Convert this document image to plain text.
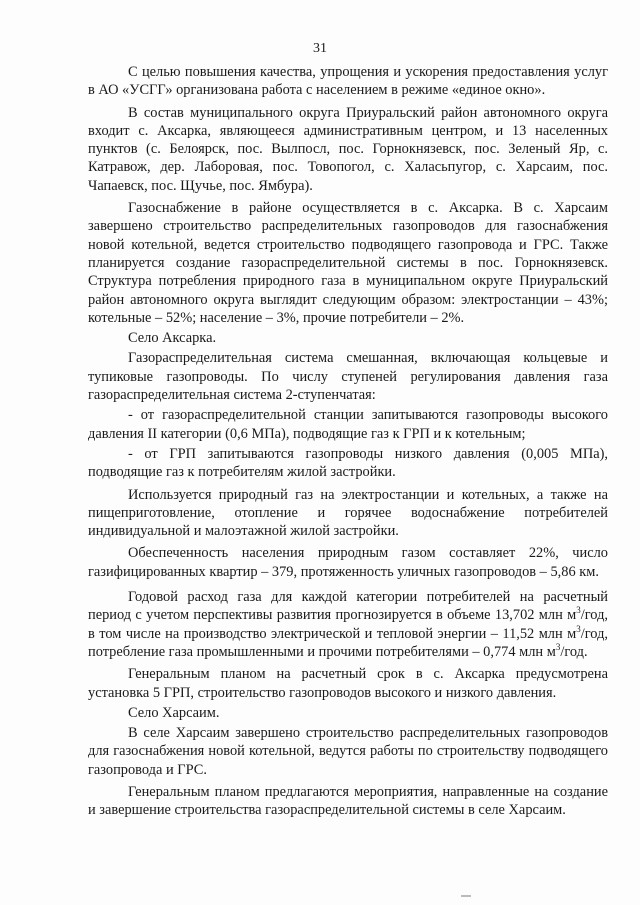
31

С целью повышения качества, упрощения и ускорения предоставления услуг в АО «УСГГ» организована работа с населением в режиме «единое окно».

В состав муниципального округа Приуральский район автономного округа входит с. Аксарка, являющееся административным центром, и 13 населенных пунктов (с. Белоярск, пос. Вылпосл, пос. Горнокнязевск, пос. Зеленый Яр, с. Катравож, дер. Лаборовая, пос. Товопогол, с. Халасьпугор, с. Харсаим, пос. Чапаевск, пос. Щучье, пос. Ямбура).

Газоснабжение в районе осуществляется в с. Аксарка. В с. Харсаим завершено строительство распределительных газопроводов для газоснабжения новой котельной, ведется строительство подводящего газопровода и ГРС. Также планируется создание газораспределительной системы в пос. Горнокнязевск. Структура потребления природного газа в муниципальном округе Приуральский район автономного округа выглядит следующим образом: электростанции – 43%; котельные – 52%; население – 3%, прочие потребители – 2%.

Село Аксарка.

Газораспределительная система смешанная, включающая кольцевые и тупиковые газопроводы. По числу ступеней регулирования давления газа газораспределительная система 2-ступенчатая:

- от газораспределительной станции запитываются газопроводы высокого давления II категории (0,6 МПа), подводящие газ к ГРП и к котельным;

- от ГРП запитываются газопроводы низкого давления (0,005 МПа), подводящие газ к потребителям жилой застройки.

Используется природный газ на электростанции и котельных, а также на пищеприготовление, отопление и горячее водоснабжение потребителей индивидуальной и малоэтажной жилой застройки.

Обеспеченность населения природным газом составляет 22%, число газифицированных квартир – 379, протяженность уличных газопроводов – 5,86 км.

Годовой расход газа для каждой категории потребителей на расчетный период с учетом перспективы развития прогнозируется в объеме 13,702 млн $м^3$/год, в том числе на производство электрической и тепловой энергии – 11,52 млн $м^3$/год, потребление газа промышленными и прочими потребителями – 0,774 млн $м^3$/год.

Генеральным планом на расчетный срок в с. Аксарка предусмотрена установка 5 ГРП, строительство газопроводов высокого и низкого давления.

Село Харсаим.

В селе Харсаим завершено строительство распределительных газопроводов для газоснабжения новой котельной, ведутся работы по строительству подводящего газопровода и ГРС.

Генеральным планом предлагаются мероприятия, направленные на создание и завершение строительства газораспределительной системы в селе Харсаим.
